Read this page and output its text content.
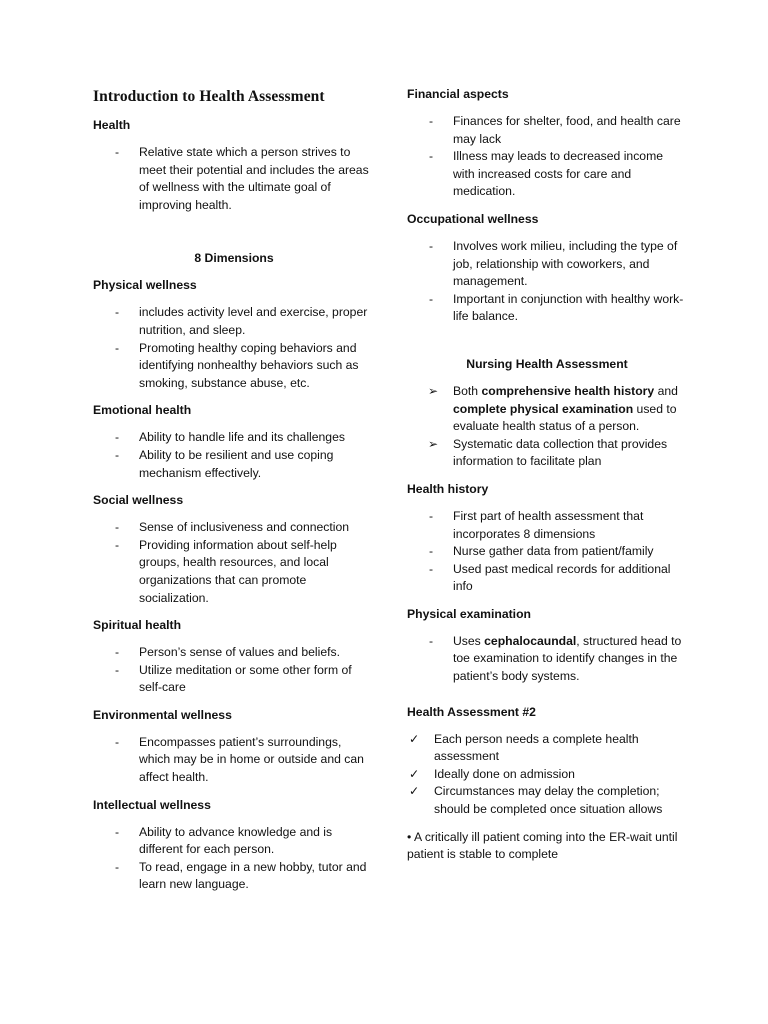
Introduction to Health Assessment
Health
-	Relative state which a person strives to meet their potential and includes the areas of wellness with the ultimate goal of improving health.
8 Dimensions
Physical wellness
-	includes activity level and exercise, proper nutrition, and sleep.
-	Promoting healthy coping behaviors and identifying nonhealthy behaviors such as smoking, substance abuse, etc.
Emotional health
-	Ability to handle life and its challenges
-	Ability to be resilient and use coping mechanism effectively.
Social wellness
-	Sense of inclusiveness and connection
-	Providing information about self-help groups, health resources, and local organizations that can promote socialization.
Spiritual health
-	Person’s sense of values and beliefs.
-	Utilize meditation or some other form of self-care
Environmental wellness
-	Encompasses patient’s surroundings, which may be in home or outside and can affect health.
Intellectual wellness
-	Ability to advance knowledge and is different for each person.
-	To read, engage in a new hobby, tutor and learn new language.
Financial aspects
-	Finances for shelter, food, and health care may lack
-	Illness may leads to decreased income with increased costs for care and medication.
Occupational wellness
-	Involves work milieu, including the type of job, relationship with coworkers, and management.
-	Important in conjunction with healthy work-life balance.
Nursing Health Assessment
➢	Both comprehensive health history and complete physical examination used to evaluate health status of a person.
➢	Systematic data collection that provides information to facilitate plan
Health history
-	First part of health assessment that incorporates 8 dimensions
-	Nurse gather data from patient/family
-	Used past medical records for additional info
Physical examination
-	Uses cephalocaundal, structured head to toe examination to identify changes in the patient’s body systems.
Health Assessment #2
✓	Each person needs a complete health assessment
✓	Ideally done on admission
✓	Circumstances may delay the completion; should be completed once situation allows

• A critically ill patient coming into the ER-wait until patient is stable to complete
